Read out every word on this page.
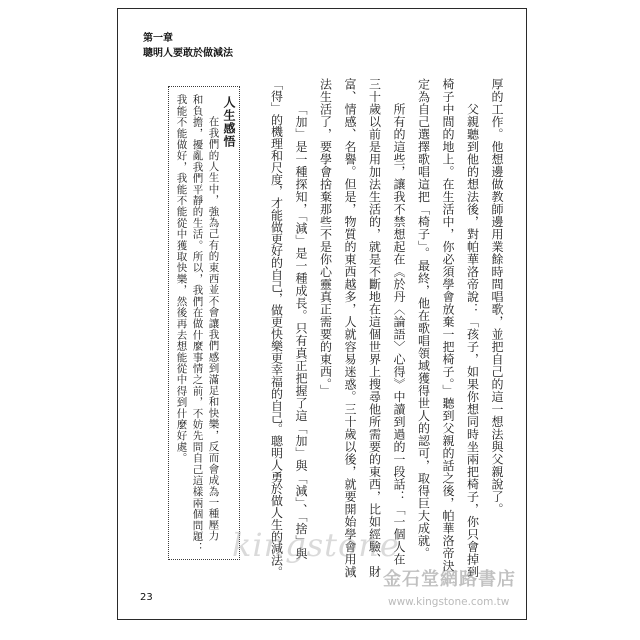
第一章
聰明人要敢於做減法
厚的工作。他想邊做教師邊用業餘時間唱歌，並把自己的這一想法與父親說了。
父親聽到他的想法後，對帕華洛帝說：「孩子，如果你想同時坐兩把椅子，你只會掉到
椅子中間的地上。在生活中，你必須學會放棄一把椅子。」聽到父親的話之後，帕華洛帝決
定為自己選擇歌唱這把「椅子」。最終，他在歌唱領域獲得世人的認可，取得巨大成就。
所有的這些，讓我不禁想起在《於丹〈論語〉心得》中讀到過的一段話：「一個人在
三十歲以前是用加法生活的，就是不斷地在這個世界上搜尋他所需要的東西，比如經驗、財
富、情感、名譽。但是，物質的東西越多，人就容易迷惑。三十歲以後，就要開始學會用減
法生活了，要學會捨棄那些不是你心靈真正需要的東西。」
「加」是一種探知，「減」是一種成長。只有真正把握了這「加」與「減」、「捨」與
「得」的機理和尺度，才能做更好的自己，做更快樂更幸福的自己。聰明人勇於做人生的減法。
人生感悟
在我們的人生中，強為己有的東西並不會讓我們感到滿足和快樂，反而會成為一種壓力
和負擔，擾亂我們平靜的生活。所以，我們在做什麼事情之前，不妨先問自己這樣兩個問題：
我能不能做好，我能不能從中獲取快樂，然後再去想能從中得到什麼好處。
23
kingstone
金石堂網路書店
www.kingstone.com.tw
